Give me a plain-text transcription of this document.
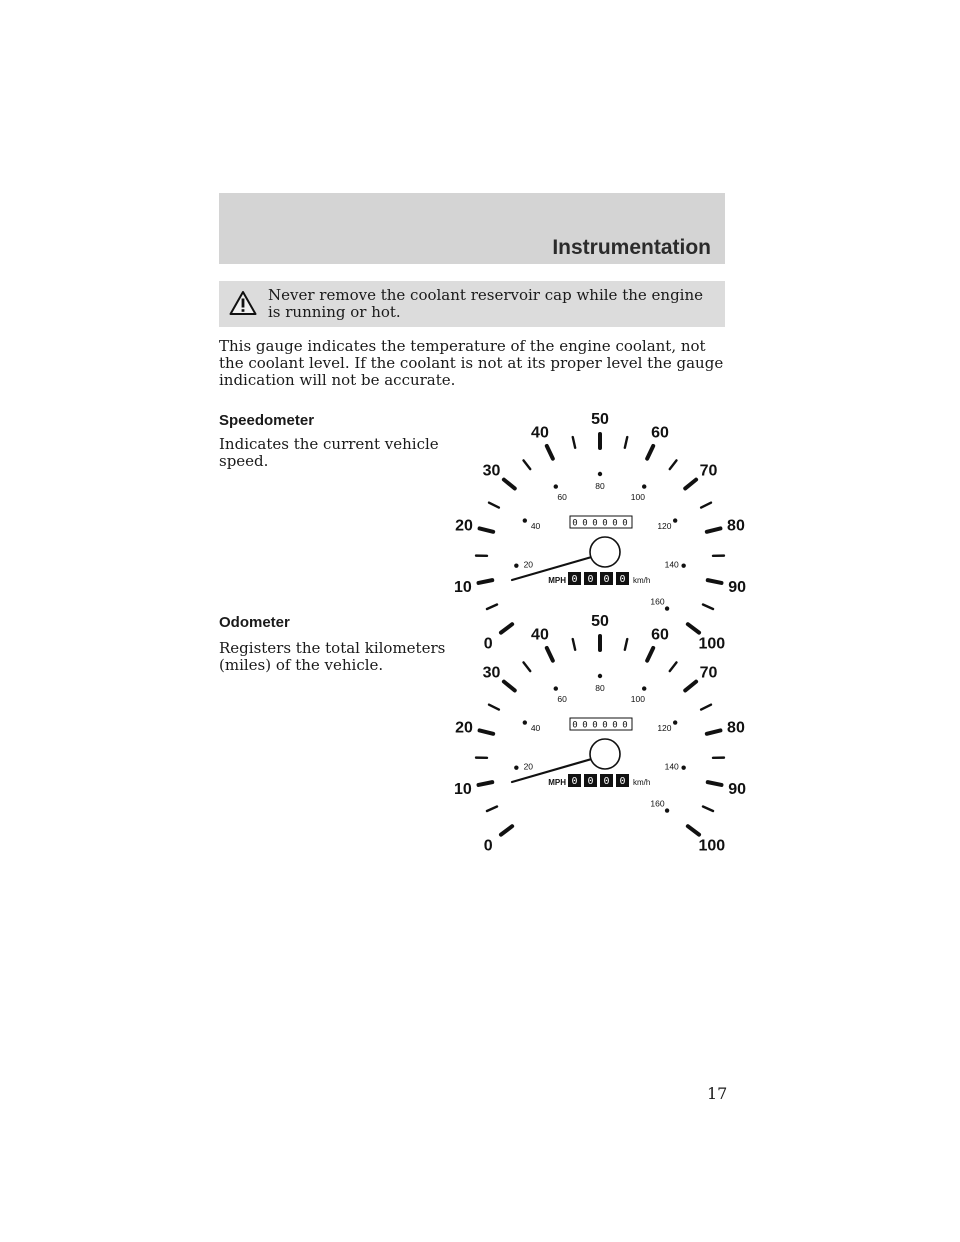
Instrumentation
Never remove the coolant reservoir cap while the engine is running or hot.
This gauge indicates the temperature of the engine coolant, not the coolant level. If the coolant is not at its proper level the gauge indication will not be accurate.
Speedometer
Indicates the current vehicle speed.
0
10
20
30
40
50
60
70
80
90
100
20
40
60
80
100
120
140
160
0 0 0 0 0 0
MPH 0 0 0 0 km/h
Odometer
Registers the total kilometers (miles) of the vehicle.
0
10
20
30
40
50
60
70
80
90
100
20
40
60
80
100
120
140
160
0 0 0 0 0 0
MPH 0 0 0 0 km/h
17
